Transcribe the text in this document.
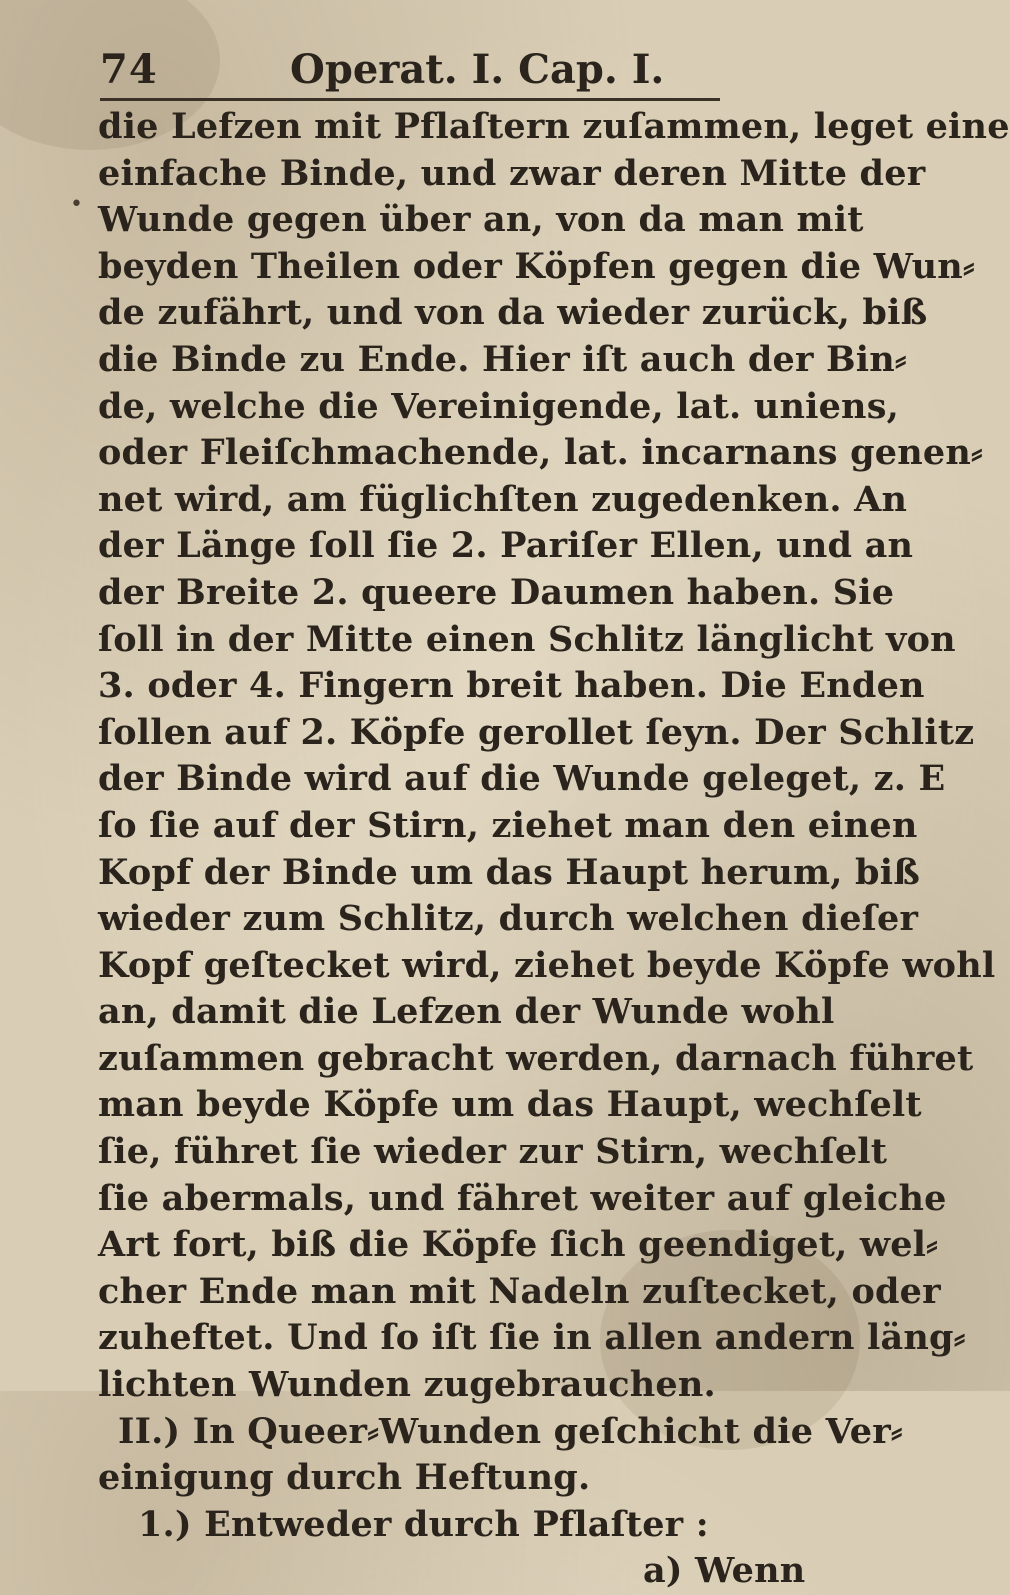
74	Operat. I. Cap. I.
•
die Lefzen mit Pflaſtern zuſammen, leget eine
einfache Binde, und zwar deren Mitte der
Wunde gegen über an, von da man mit
beyden Theilen oder Köpfen gegen die Wun⸗
de zufährt, und von da wieder zurück, biß
die Binde zu Ende. Hier iſt auch der Bin⸗
de, welche die Vereinigende, lat. uniens,
oder Fleiſchmachende, lat. incarnans genen⸗
net wird, am füglichſten zugedenken. An
der Länge ſoll ſie 2. Pariſer Ellen, und an
der Breite 2. queere Daumen haben. Sie
ſoll in der Mitte einen Schlitz länglicht von
3. oder 4. Fingern breit haben. Die Enden
ſollen auf 2. Köpfe gerollet ſeyn. Der Schlitz
der Binde wird auf die Wunde geleget, z. E
ſo ſie auf der Stirn, ziehet man den einen
Kopf der Binde um das Haupt herum, biß
wieder zum Schlitz, durch welchen dieſer
Kopf geſtecket wird, ziehet beyde Köpfe wohl
an, damit die Lefzen der Wunde wohl
zuſammen gebracht werden, darnach führet
man beyde Köpfe um das Haupt, wechſelt
ſie, führet ſie wieder zur Stirn, wechſelt
ſie abermals, und fähret weiter auf gleiche
Art fort, biß die Köpfe ſich geendiget, wel⸗
cher Ende man mit Nadeln zuſtecket, oder
zuheftet. Und ſo iſt ſie in allen andern läng⸗
lichten Wunden zugebrauchen.
II.) In Queer⸗Wunden geſchicht die Ver⸗
einigung durch Heftung.
1.) Entweder durch Pflaſter :
a) Wenn
